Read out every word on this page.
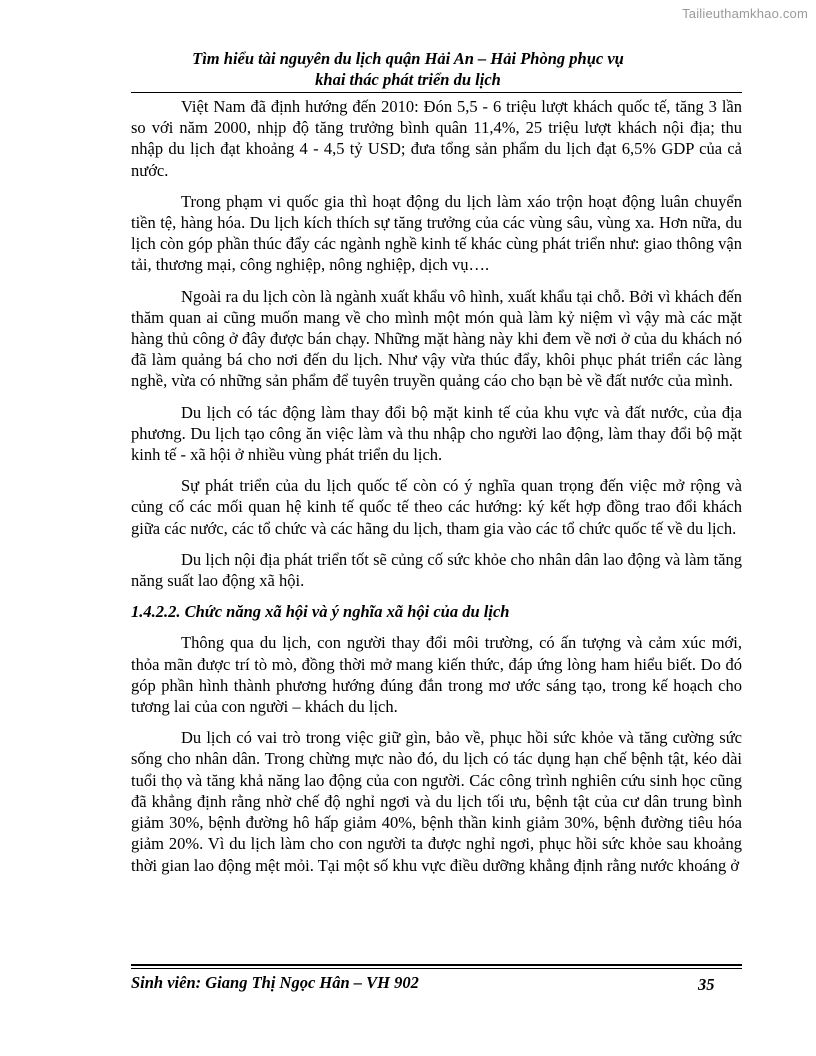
Tailieuthamkhao.com
Tìm hiểu tài nguyên du lịch quận Hải An – Hải Phòng phục vụ
khai thác phát triển du lịch

Việt Nam đã định hướng đến 2010: Đón 5,5 - 6 triệu lượt khách quốc tế, tăng 3 lần so với năm 2000, nhịp độ tăng trưởng bình quân 11,4%, 25 triệu lượt khách nội địa; thu nhập du lịch đạt khoảng 4 - 4,5 tỷ USD; đưa tổng sản phẩm du lịch đạt 6,5% GDP của cả nước.

Trong phạm vi quốc gia thì hoạt động du lịch làm xáo trộn hoạt động luân chuyển tiền tệ, hàng hóa. Du lịch kích thích sự tăng trưởng của các vùng sâu, vùng xa. Hơn nữa, du lịch còn góp phần thúc đẩy các ngành nghề kinh tế khác cùng phát triển như: giao thông vận tải, thương mại, công nghiệp, nông nghiệp, dịch vụ….

Ngoài ra du lịch còn là ngành xuất khẩu vô hình, xuất khẩu tại chỗ. Bởi vì khách đến thăm quan ai cũng muốn mang về cho mình một món quà làm kỷ niệm vì vậy mà các mặt hàng thủ công ở đây được bán chạy. Những mặt hàng này khi đem về nơi ở của du khách nó đã làm quảng bá cho nơi đến du lịch. Như vậy vừa thúc đẩy, khôi phục phát triển các làng nghề, vừa có những sản phẩm để tuyên truyền quảng cáo cho bạn bè về đất nước của mình.

Du lịch có tác động làm thay đổi bộ mặt kinh tế của khu vực và đất nước, của địa phương. Du lịch tạo công ăn việc làm và thu nhập cho người lao động, làm thay đổi bộ mặt kinh tế - xã hội ở nhiều vùng phát triển du lịch.

Sự phát triển của du lịch quốc tế còn có ý nghĩa quan trọng đến việc mở rộng và củng cố các mối quan hệ kinh tế quốc tế theo các hướng: ký kết hợp đồng trao đổi khách giữa các nước, các tổ chức và các hãng du lịch, tham gia vào các tổ chức quốc tế về du lịch.

Du lịch nội địa phát triển tốt sẽ củng cố sức khỏe cho nhân dân lao động và làm tăng năng suất lao động xã hội.

1.4.2.2. Chức năng xã hội và ý nghĩa xã hội của du lịch

Thông qua du lịch, con người thay đổi môi trường, có ấn tượng và cảm xúc mới, thỏa mãn được trí tò mò, đồng thời mở mang kiến thức, đáp ứng lòng ham hiểu biết. Do đó góp phần hình thành phương hướng đúng đắn trong mơ ước sáng tạo, trong kế hoạch cho tương lai của con người – khách du lịch.

Du lịch có vai trò trong việc giữ gìn, bảo về, phục hồi sức khỏe và tăng cường sức sống cho nhân dân. Trong chừng mực nào đó, du lịch có tác dụng hạn chế bệnh tật, kéo dài tuổi thọ và tăng khả năng lao động của con người. Các công trình nghiên cứu sinh học cũng đã khẳng định rằng nhờ chế độ nghỉ ngơi và du lịch tối ưu, bệnh tật của cư dân trung bình giảm 30%, bệnh đường hô hấp giảm 40%, bệnh thần kinh giảm 30%, bệnh đường tiêu hóa giảm 20%. Vì du lịch làm cho con người ta được nghỉ ngơi, phục hồi sức khỏe sau khoảng thời gian lao động mệt mỏi. Tại một số khu vực điều dưỡng khẳng định rằng nước khoáng ở

Sinh viên: Giang Thị Ngọc Hân – VH 902	35
